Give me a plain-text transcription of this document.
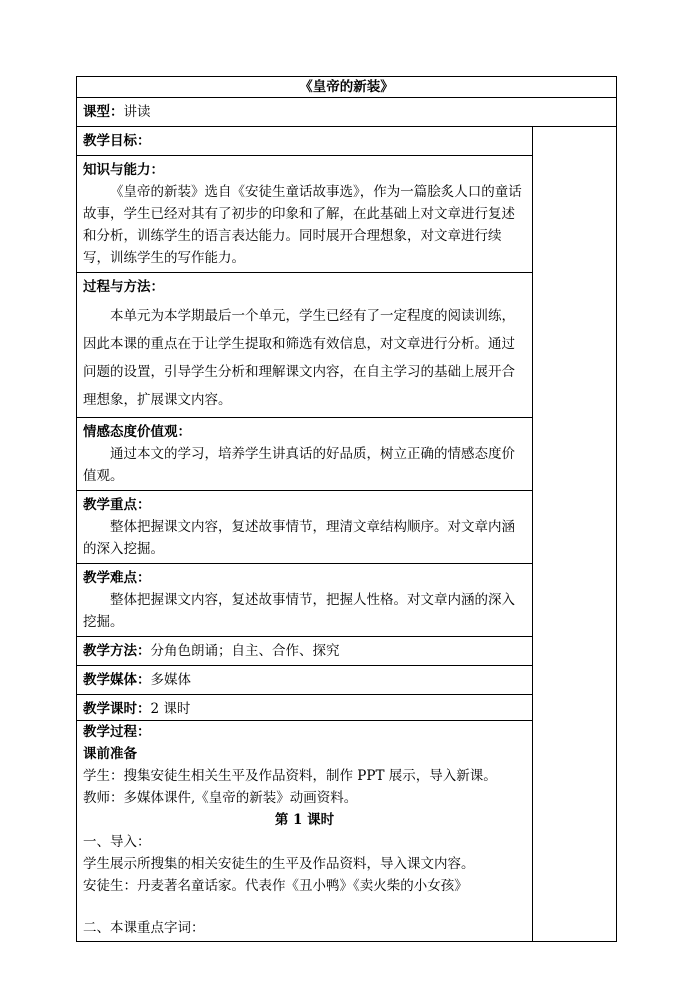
《皇帝的新装》
课型：讲读
教学目标：	

知识与能力：

《皇帝的新装》选自《安徒生童话故事选》，作为一篇脍炙人口的童话故事，学生已经对其有了初步的印象和了解，在此基础上对文章进行复述和分析，训练学生的语言表达能力。同时展开合理想象，对文章进行续写，训练学生的写作能力。

过程与方法：

本单元为本学期最后一个单元，学生已经有了一定程度的阅读训练，因此本课的重点在于让学生提取和筛选有效信息，对文章进行分析。通过问题的设置，引导学生分析和理解课文内容，在自主学习的基础上展开合理想象，扩展课文内容。

情感态度价值观：

通过本文的学习，培养学生讲真话的好品质，树立正确的情感态度价值观。

教学重点：

整体把握课文内容，复述故事情节，理清文章结构顺序。对文章内涵的深入挖掘。

教学难点：

整体把握课文内容，复述故事情节，把握人性格。对文章内涵的深入挖掘。

教学方法：分角色朗诵；自主、合作、探究
教学媒体：多媒体
教学课时：2 课时

教学过程：
课前准备

学生：搜集安徒生相关生平及作品资料，制作 PPT 展示，导入新课。

教师：多媒体课件,《皇帝的新装》动画资料。

第 1 课时

一、导入：

学生展示所搜集的相关安徒生的生平及作品资料，导入课文内容。

安徒生：丹麦著名童话家。代表作《丑小鸭》《卖火柴的小女孩》

二、本课重点字词：
